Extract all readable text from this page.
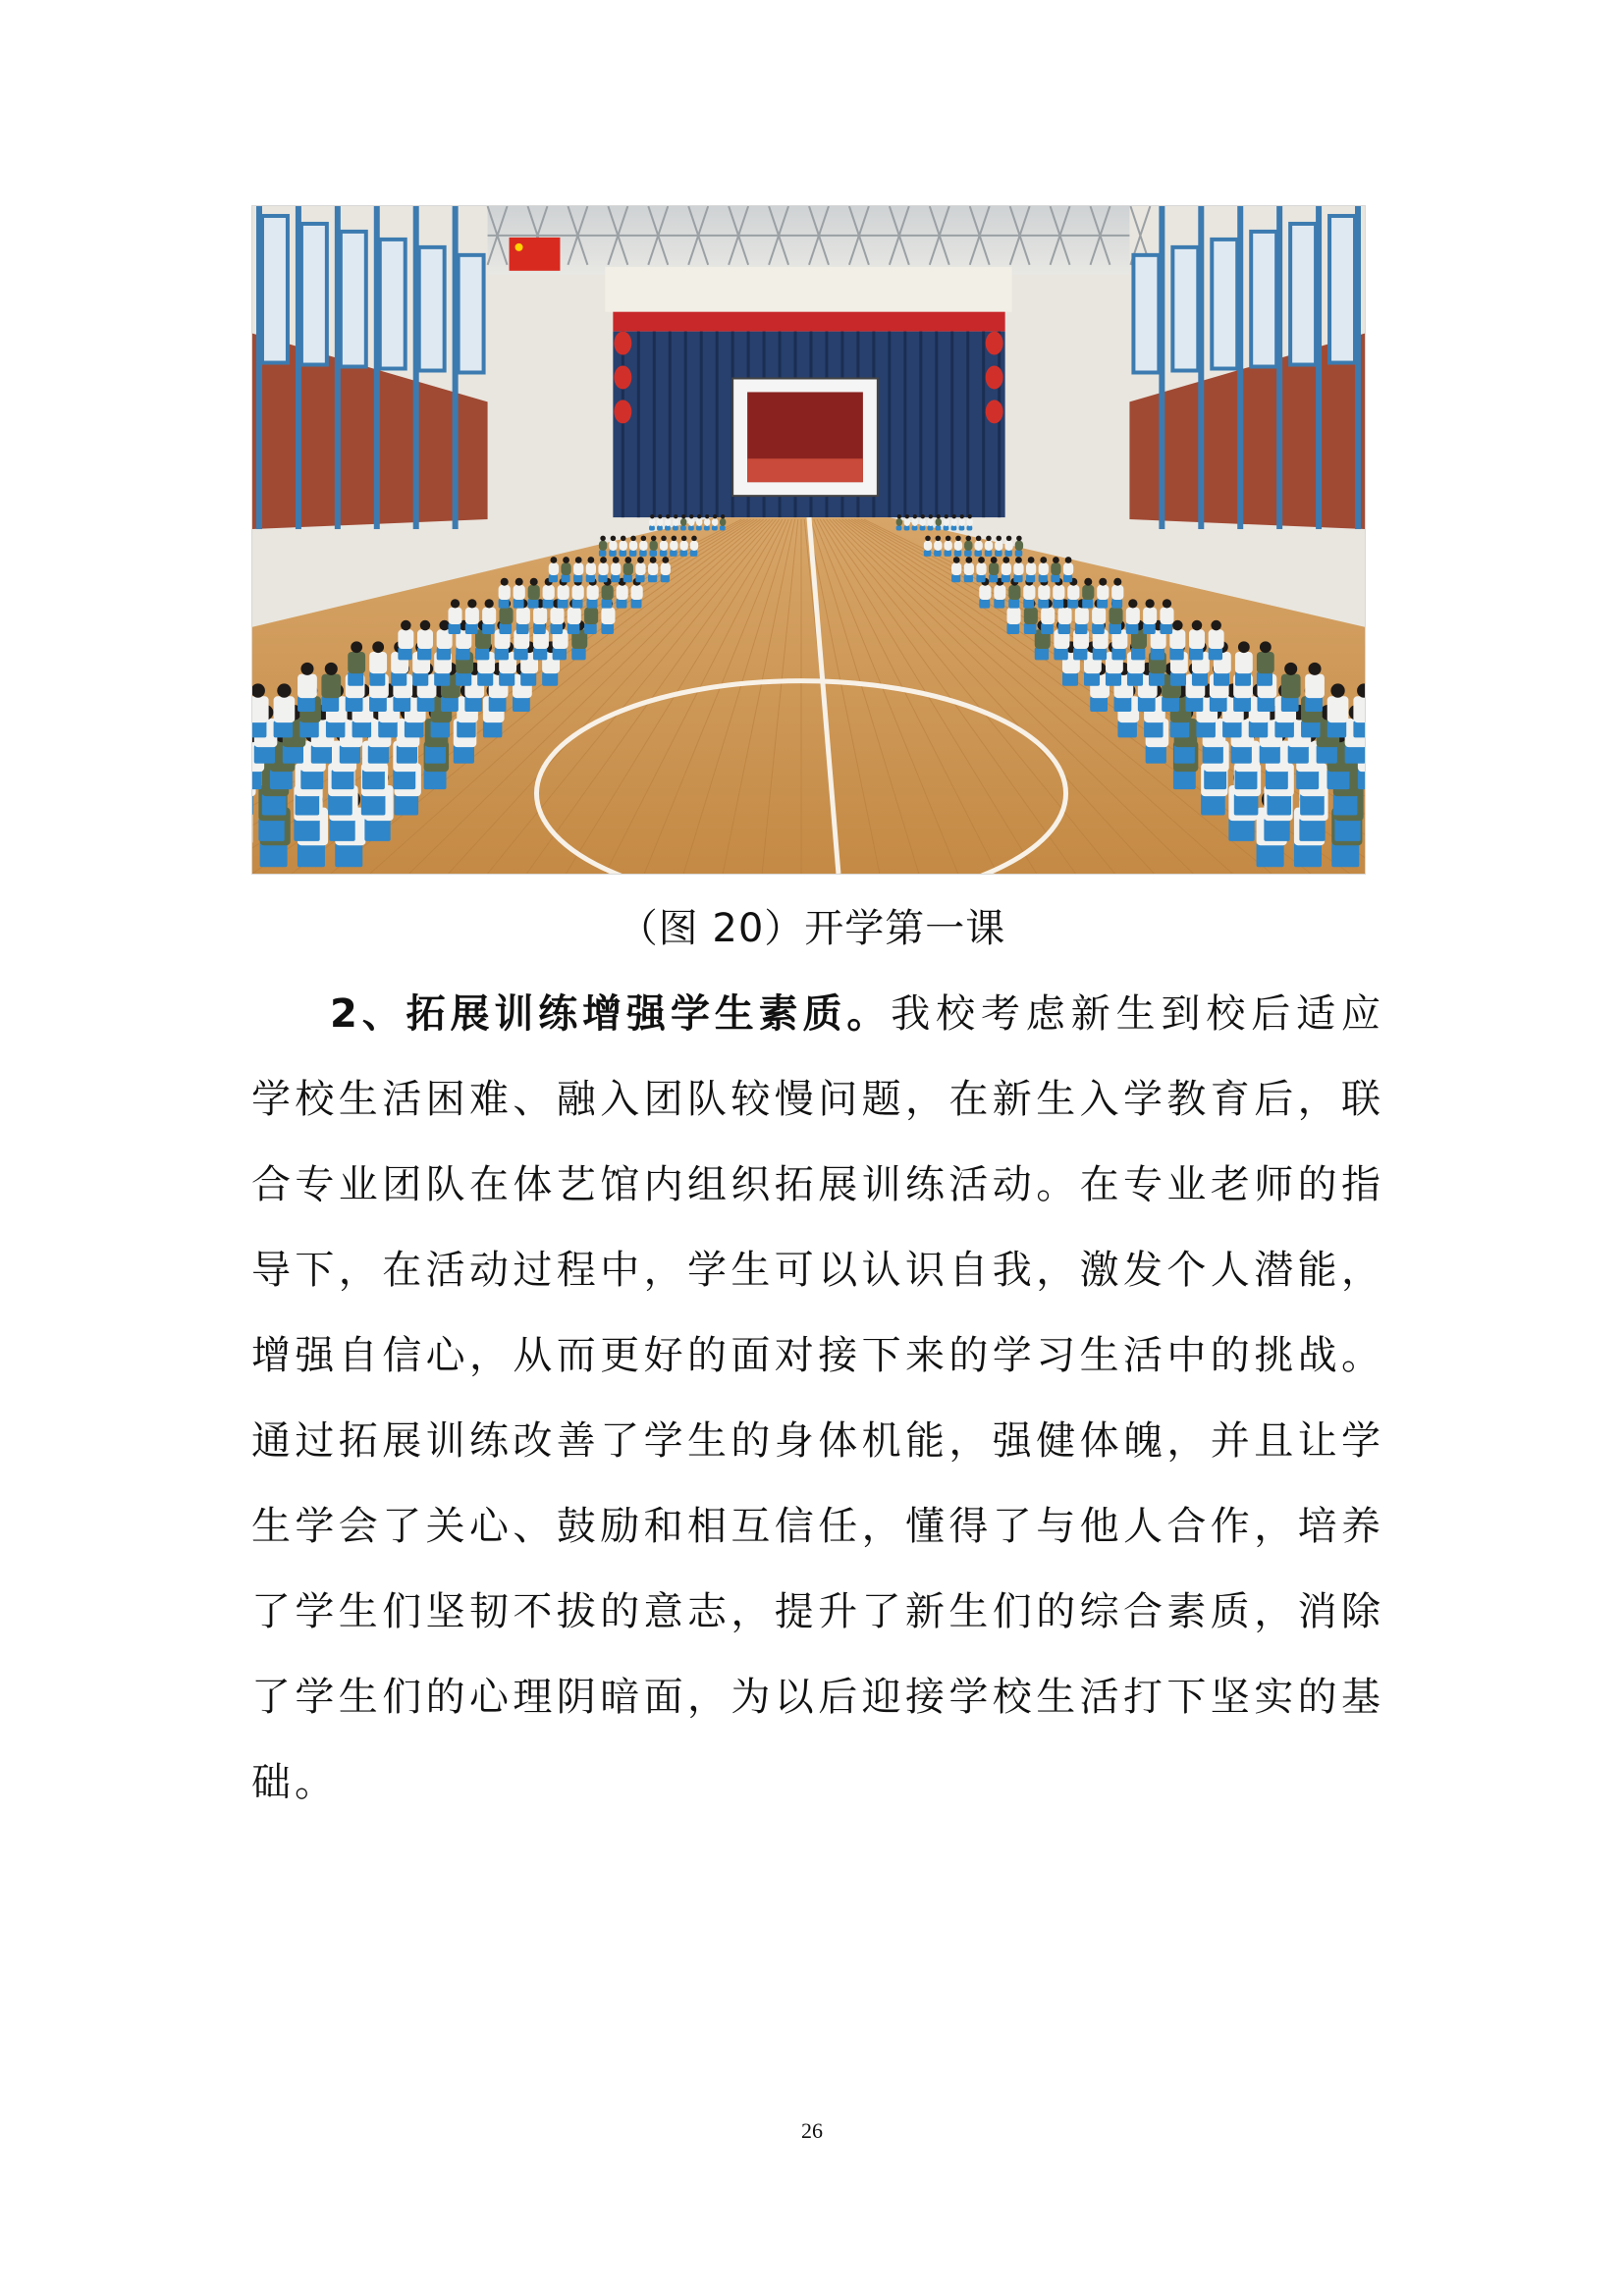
（图 20）开学第一课

2、拓展训练增强学生素质。我校考虑新生到校后适应学校生活困难、融入团队较慢问题，在新生入学教育后，联合专业团队在体艺馆内组织拓展训练活动。在专业老师的指导下，在活动过程中，学生可以认识自我，激发个人潜能，增强自信心，从而更好的面对接下来的学习生活中的挑战。通过拓展训练改善了学生的身体机能，强健体魄，并且让学生学会了关心、鼓励和相互信任，懂得了与他人合作，培养了学生们坚韧不拔的意志，提升了新生们的综合素质，消除了学生们的心理阴暗面，为以后迎接学校生活打下坚实的基础。

26
